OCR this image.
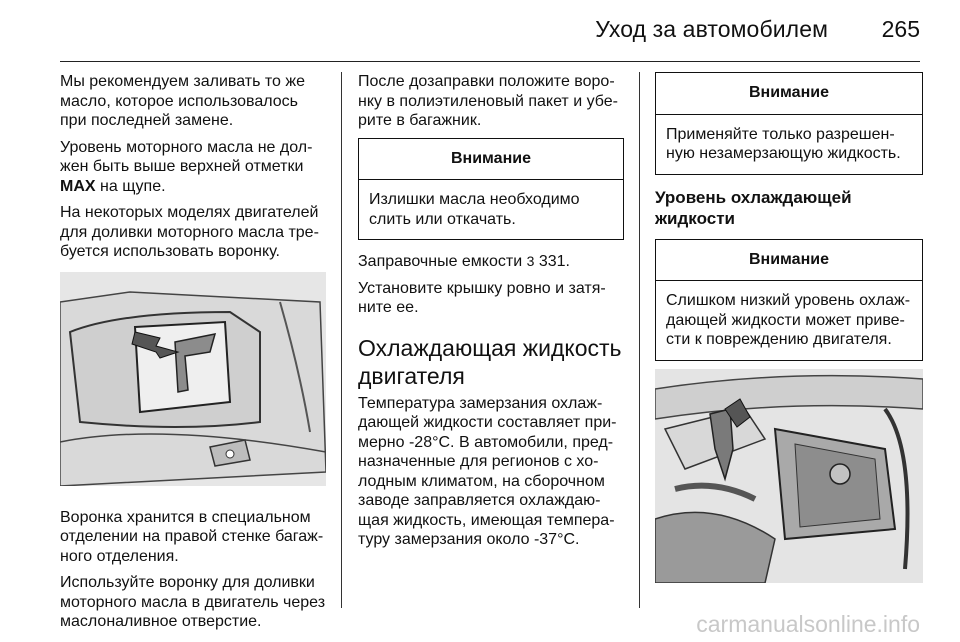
Уход за автомобилем 265

Мы рекомендуем заливать то же масло, которое использовалось при последней замене.

Уровень моторного масла не должен быть выше верхней отметки MAX на щупе.

На некоторых моделях двигателей для доливки моторного масла требуется использовать воронку.

Воронка хранится в специальном отделении на правой стенке багажного отделения.

Используйте воронку для доливки моторного масла в двигатель через маслоналивное отверстие.

После дозаправки положите воронку в полиэтиленовый пакет и уберите в багажник.

Внимание
Излишки масла необходимо слить или откачать.

Заправочные емкости 3 331.

Установите крышку ровно и затяните ее.

Охлаждающая жидкость двигателя

Температура замерзания охлаждающей жидкости составляет примерно -28°С. В автомобили, предназначенные для регионов с холодным климатом, на сборочном заводе заправляется охлаждающая жидкость, имеющая температуру замерзания около -37°С.

Внимание
Применяйте только разрешенную незамерзающую жидкость.
Уровень охлаждающей жидкости
Внимание
Слишком низкий уровень охлаждающей жидкости может привести к повреждению двигателя.
carmanualsonline.info
